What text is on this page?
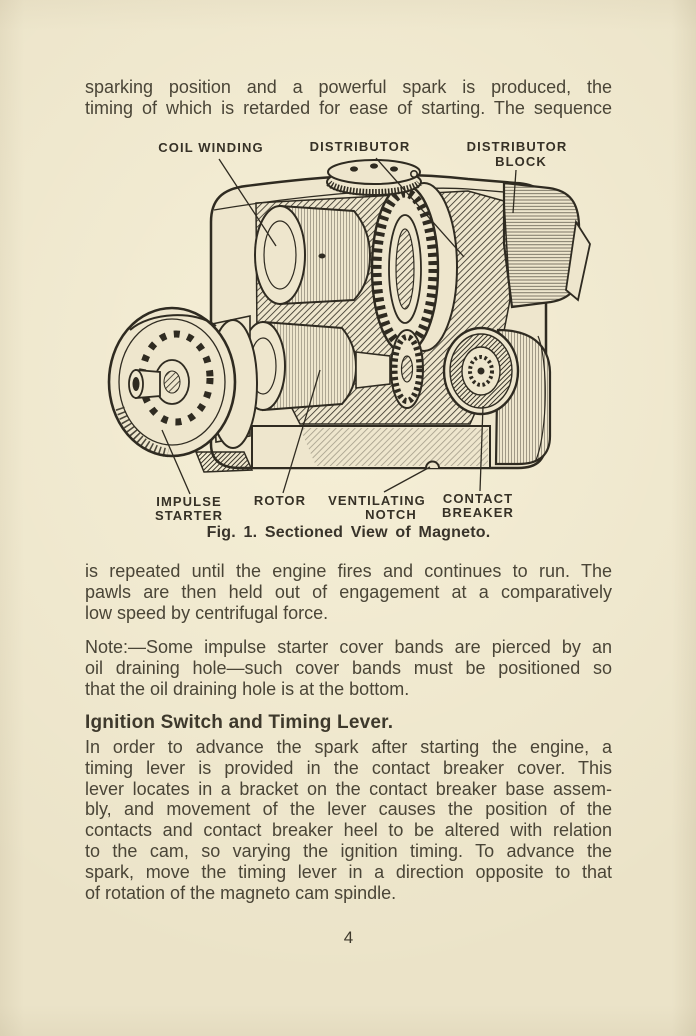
sparking position and a powerful spark is produced, the
timing of which is retarded for ease of starting. The sequence
COIL WINDING	DISTRIBUTOR	DISTRIBUTOR
BLOCK
IMPULSE
STARTER
ROTOR VENTILATING
NOTCH
CONTACT
BREAKER
Fig. 1. Sectioned View of Magneto.
is repeated until the engine fires and continues to run. The
pawls are then held out of engagement at a comparatively
low speed by centrifugal force.
Note:—Some impulse starter cover bands are pierced by an
oil draining hole—such cover bands must be positioned so
that the oil draining hole is at the bottom.
Ignition Switch and Timing Lever.
In order to advance the spark after starting the engine, a
timing lever is provided in the contact breaker cover. This
lever locates in a bracket on the contact breaker base assem-
bly, and movement of the lever causes the position of the
contacts and contact breaker heel to be altered with relation
to the cam, so varying the ignition timing. To advance the
spark, move the timing lever in a direction opposite to that
of rotation of the magneto cam spindle.
4
